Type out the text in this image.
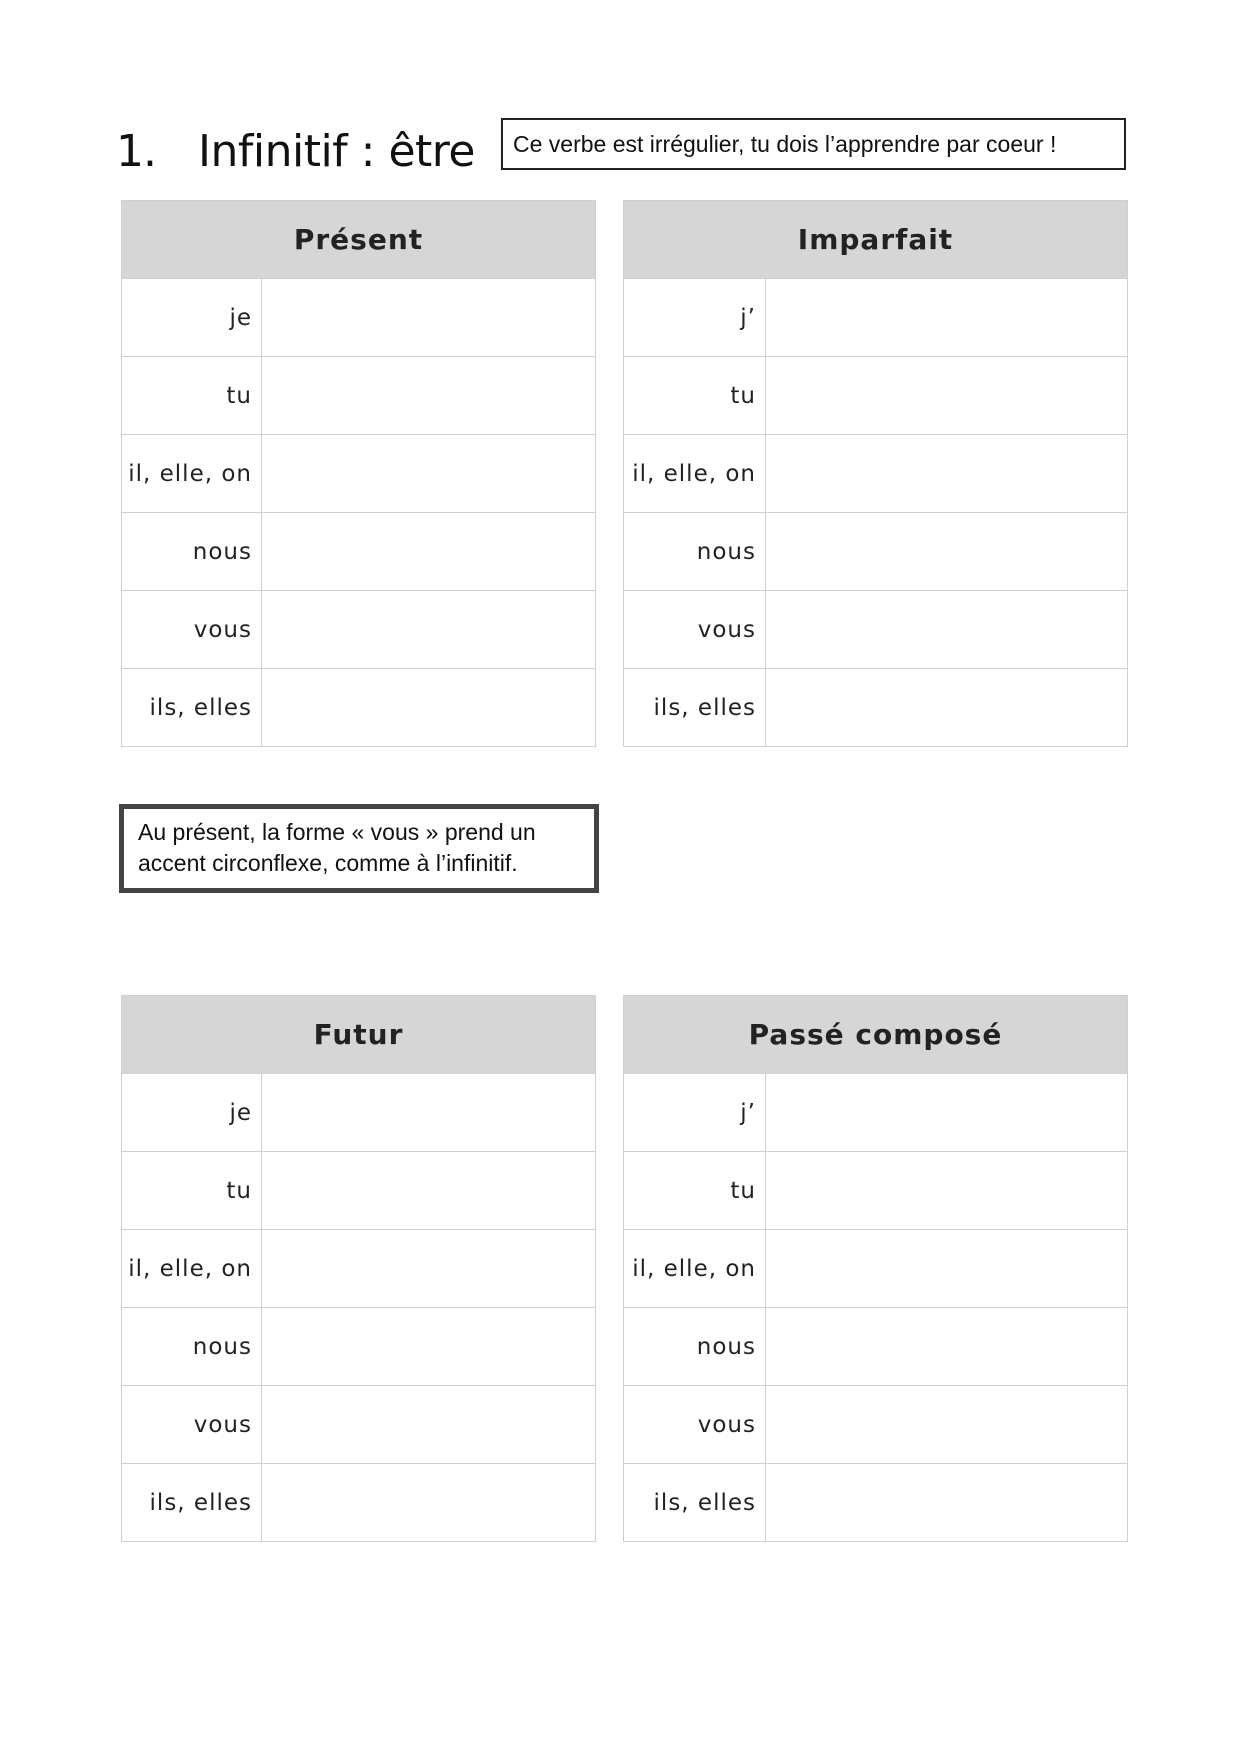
1. Infinitif : être	Ce verbe est irrégulier, tu dois l’apprendre par coeur !
Présent	
je	
tu	
il, elle, on	
nous	
vous	
ils, elles	
Imparfait	
j’	
tu	
il, elle, on	
nous	
vous	
ils, elles	
Au présent, la forme « vous » prend un
accent circonflexe, comme à l’infinitif.
Futur	
je	
tu	
il, elle, on	
nous	
vous	
ils, elles	
Passé composé	
j’	
tu	
il, elle, on	
nous	
vous	
ils, elles	
